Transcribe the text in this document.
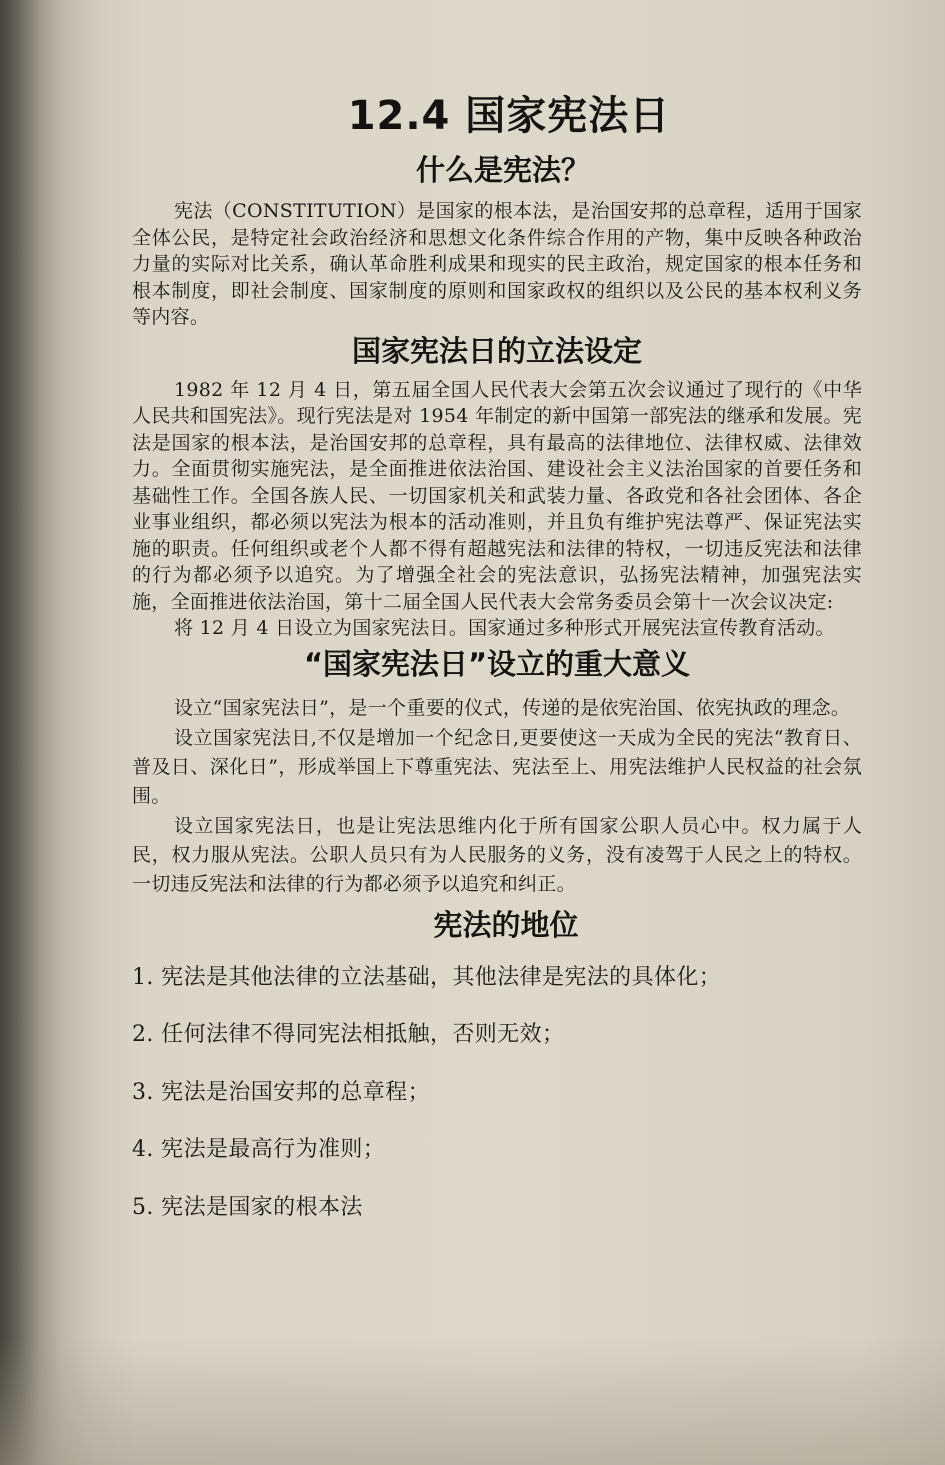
12.4 国家宪法日
什么是宪法？

宪法（CONSTITUTION）是国家的根本法，是治国安邦的总章程，适用于国家全体公民，是特定社会政治经济和思想文化条件综合作用的产物，集中反映各种政治力量的实际对比关系，确认革命胜利成果和现实的民主政治，规定国家的根本任务和根本制度，即社会制度、国家制度的原则和国家政权的组织以及公民的基本权利义务等内容。

国家宪法日的立法设定

1982 年 12 月 4 日，第五届全国人民代表大会第五次会议通过了现行的《中华人民共和国宪法》。现行宪法是对 1954 年制定的新中国第一部宪法的继承和发展。宪法是国家的根本法，是治国安邦的总章程，具有最高的法律地位、法律权威、法律效力。全面贯彻实施宪法，是全面推进依法治国、建设社会主义法治国家的首要任务和基础性工作。全国各族人民、一切国家机关和武装力量、各政党和各社会团体、各企业事业组织，都必须以宪法为根本的活动准则，并且负有维护宪法尊严、保证宪法实施的职责。任何组织或老个人都不得有超越宪法和法律的特权，一切违反宪法和法律的行为都必须予以追究。为了增强全社会的宪法意识，弘扬宪法精神，加强宪法实施，全面推进依法治国，第十二届全国人民代表大会常务委员会第十一次会议决定:

将 12 月 4 日设立为国家宪法日。国家通过多种形式开展宪法宣传教育活动。

“国家宪法日”设立的重大意义

设立“国家宪法日”，是一个重要的仪式，传递的是依宪治国、依宪执政的理念。

设立国家宪法日,不仅是增加一个纪念日,更要使这一天成为全民的宪法“教育日、普及日、深化日”，形成举国上下尊重宪法、宪法至上、用宪法维护人民权益的社会氛围。

设立国家宪法日，也是让宪法思维内化于所有国家公职人员心中。权力属于人民，权力服从宪法。公职人员只有为人民服务的义务，没有凌驾于人民之上的特权。一切违反宪法和法律的行为都必须予以追究和纠正。

宪法的地位
1. 宪法是其他法律的立法基础，其他法律是宪法的具体化；
2. 任何法律不得同宪法相抵触，否则无效；
3. 宪法是治国安邦的总章程；
4. 宪法是最高行为准则；
5. 宪法是国家的根本法
